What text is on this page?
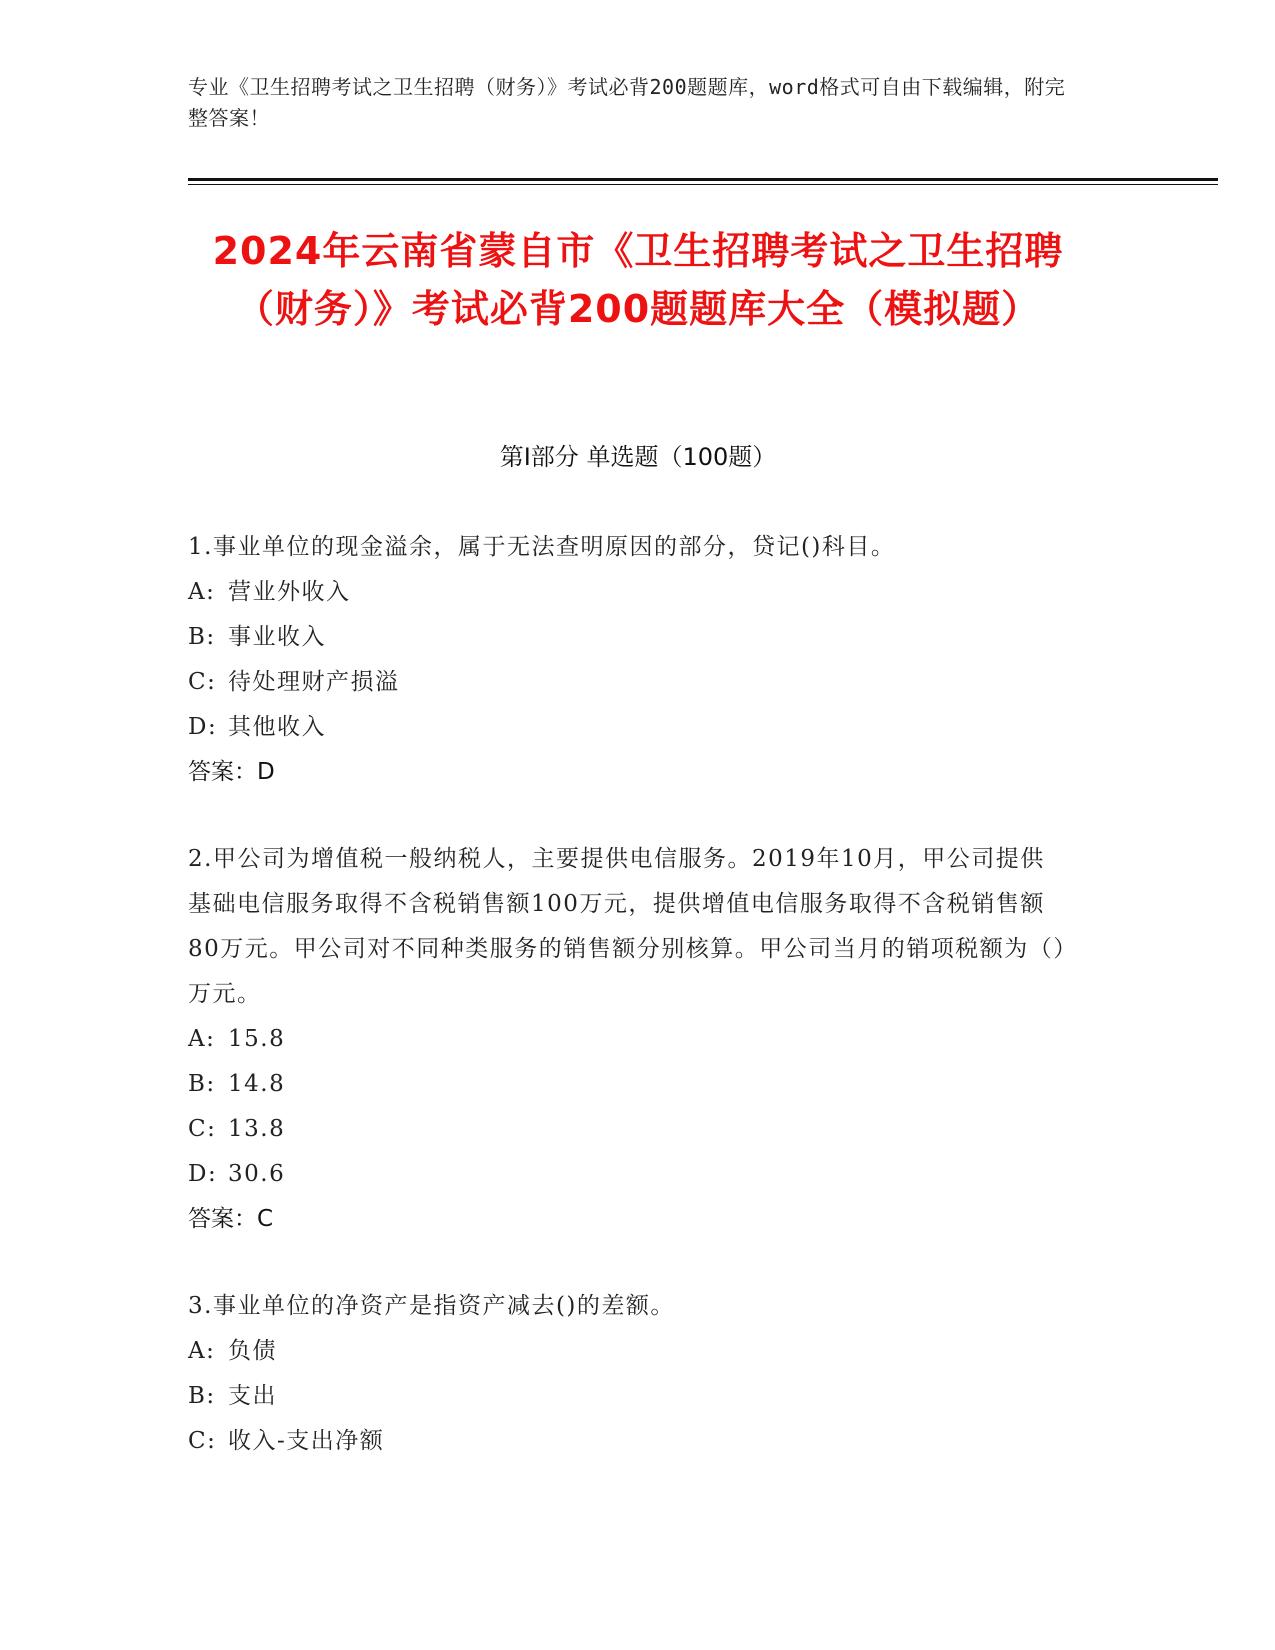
专业《卫生招聘考试之卫生招聘（财务）》考试必背200题题库，word格式可自由下载编辑，附完整答案！
2024年云南省蒙自市《卫生招聘考试之卫生招聘（财务）》考试必背200题题库大全（模拟题）
第Ⅰ部分 单选题（100题）
1.事业单位的现金溢余，属于无法查明原因的部分，贷记()科目。
A: 营业外收入
B: 事业收入
C: 待处理财产损溢
D: 其他收入
答案：D
2.甲公司为增值税一般纳税人，主要提供电信服务。2019年10月，甲公司提供基础电信服务取得不含税销售额100万元，提供增值电信服务取得不含税销售额80万元。甲公司对不同种类服务的销售额分别核算。甲公司当月的销项税额为（）万元。
A: 15.8
B: 14.8
C: 13.8
D: 30.6
答案：C
3.事业单位的净资产是指资产减去()的差额。
A: 负债
B: 支出
C: 收入-支出净额
